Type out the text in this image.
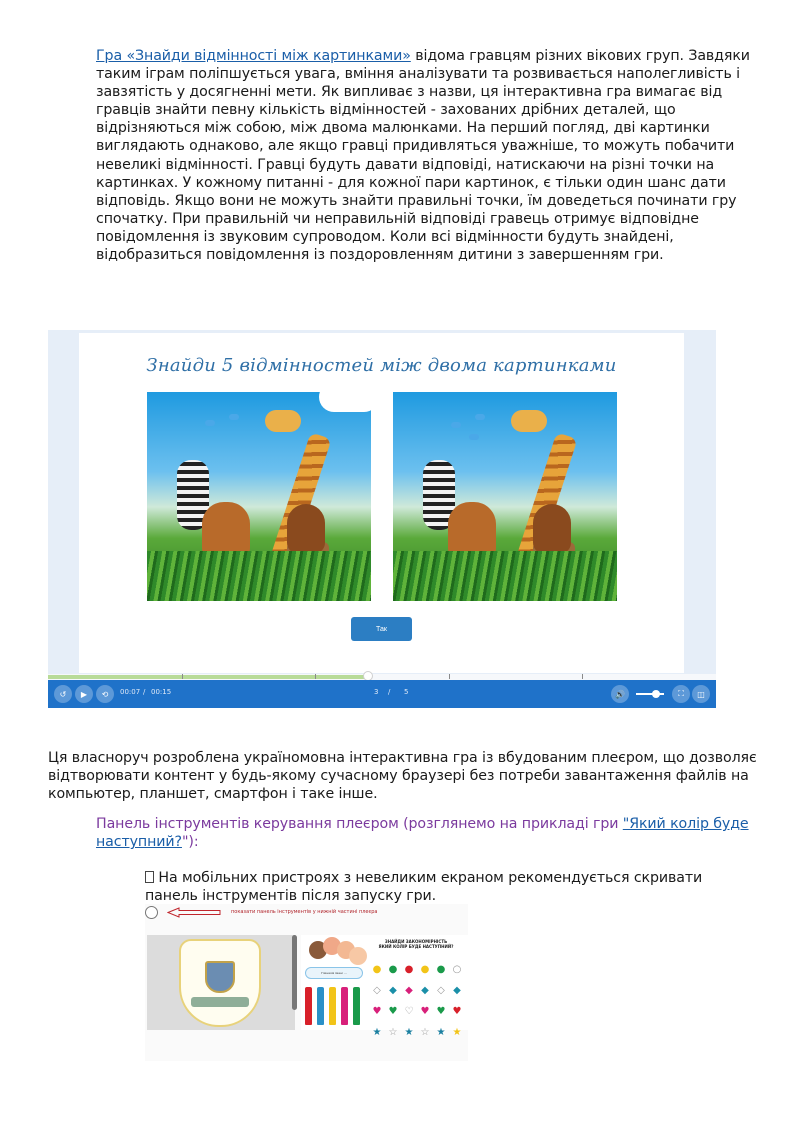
Гра «Знайди відмінності між картинками» відома гравцям різних вікових груп. Завдяки таким іграм поліпшується увага, вміння аналізувати та розвивається наполегливість і завзятість у досягненні мети. Як випливає з назви, ця інтерактивна гра вимагає від гравців знайти певну кількість відмінностей - захованих дрібних деталей, що відрізняються між собою, між двома малюнками. На перший погляд, дві картинки виглядають однаково, але якщо гравці придивляться уважніше, то можуть побачити невеликі відмінності. Гравці будуть давати відповіді, натискаючи на різні точки на картинках. У кожному питанні - для кожної пари картинок, є тільки один шанс дати відповідь. Якщо вони не можуть знайти правильні точки, їм доведеться починати гру спочатку. При правильній чи неправильній відповіді гравець отримує відповідне повідомлення із звуковим супроводом. Коли всі відмінности будуть знайдені, відобразиться повідомлення із поздоровленням дитини з завершенням гри.

Знайди 5 відмінностей між двома картинками
Так
↺	▶	⟲	00:07 / 00:15	3 / 5	🔊	⛶	◫

Ця власноруч розроблена україномовна інтерактивна гра із вбудованим плеєром, що дозволяє відтворювати контент у будь-якому сучасному браузері без потреби завантаження файлів на компьютер, планшет, смартфон і таке інше.

Панель інструментів керування плеєром (розглянемо на прикладі гри "Який колір буде наступний?"):

На мобільних пристроях з невеликим екраном рекомендується скривати панель інструментів після запуску гри.

показати панель інструментів у нижній частині плеєра
Гімназія імені ...
ЗНАЙДИ ЗАКОНОМІРНІСТЬ
ЯКИЙ КОЛІР БУДЕ НАСТУПНИЙ?
● ● ● ● ● ○
◇ ◆ ◆ ◆ ◇ ◆
♥ ♥ ♡ ♥ ♥ ♥
★ ☆ ★ ☆ ★ ★
